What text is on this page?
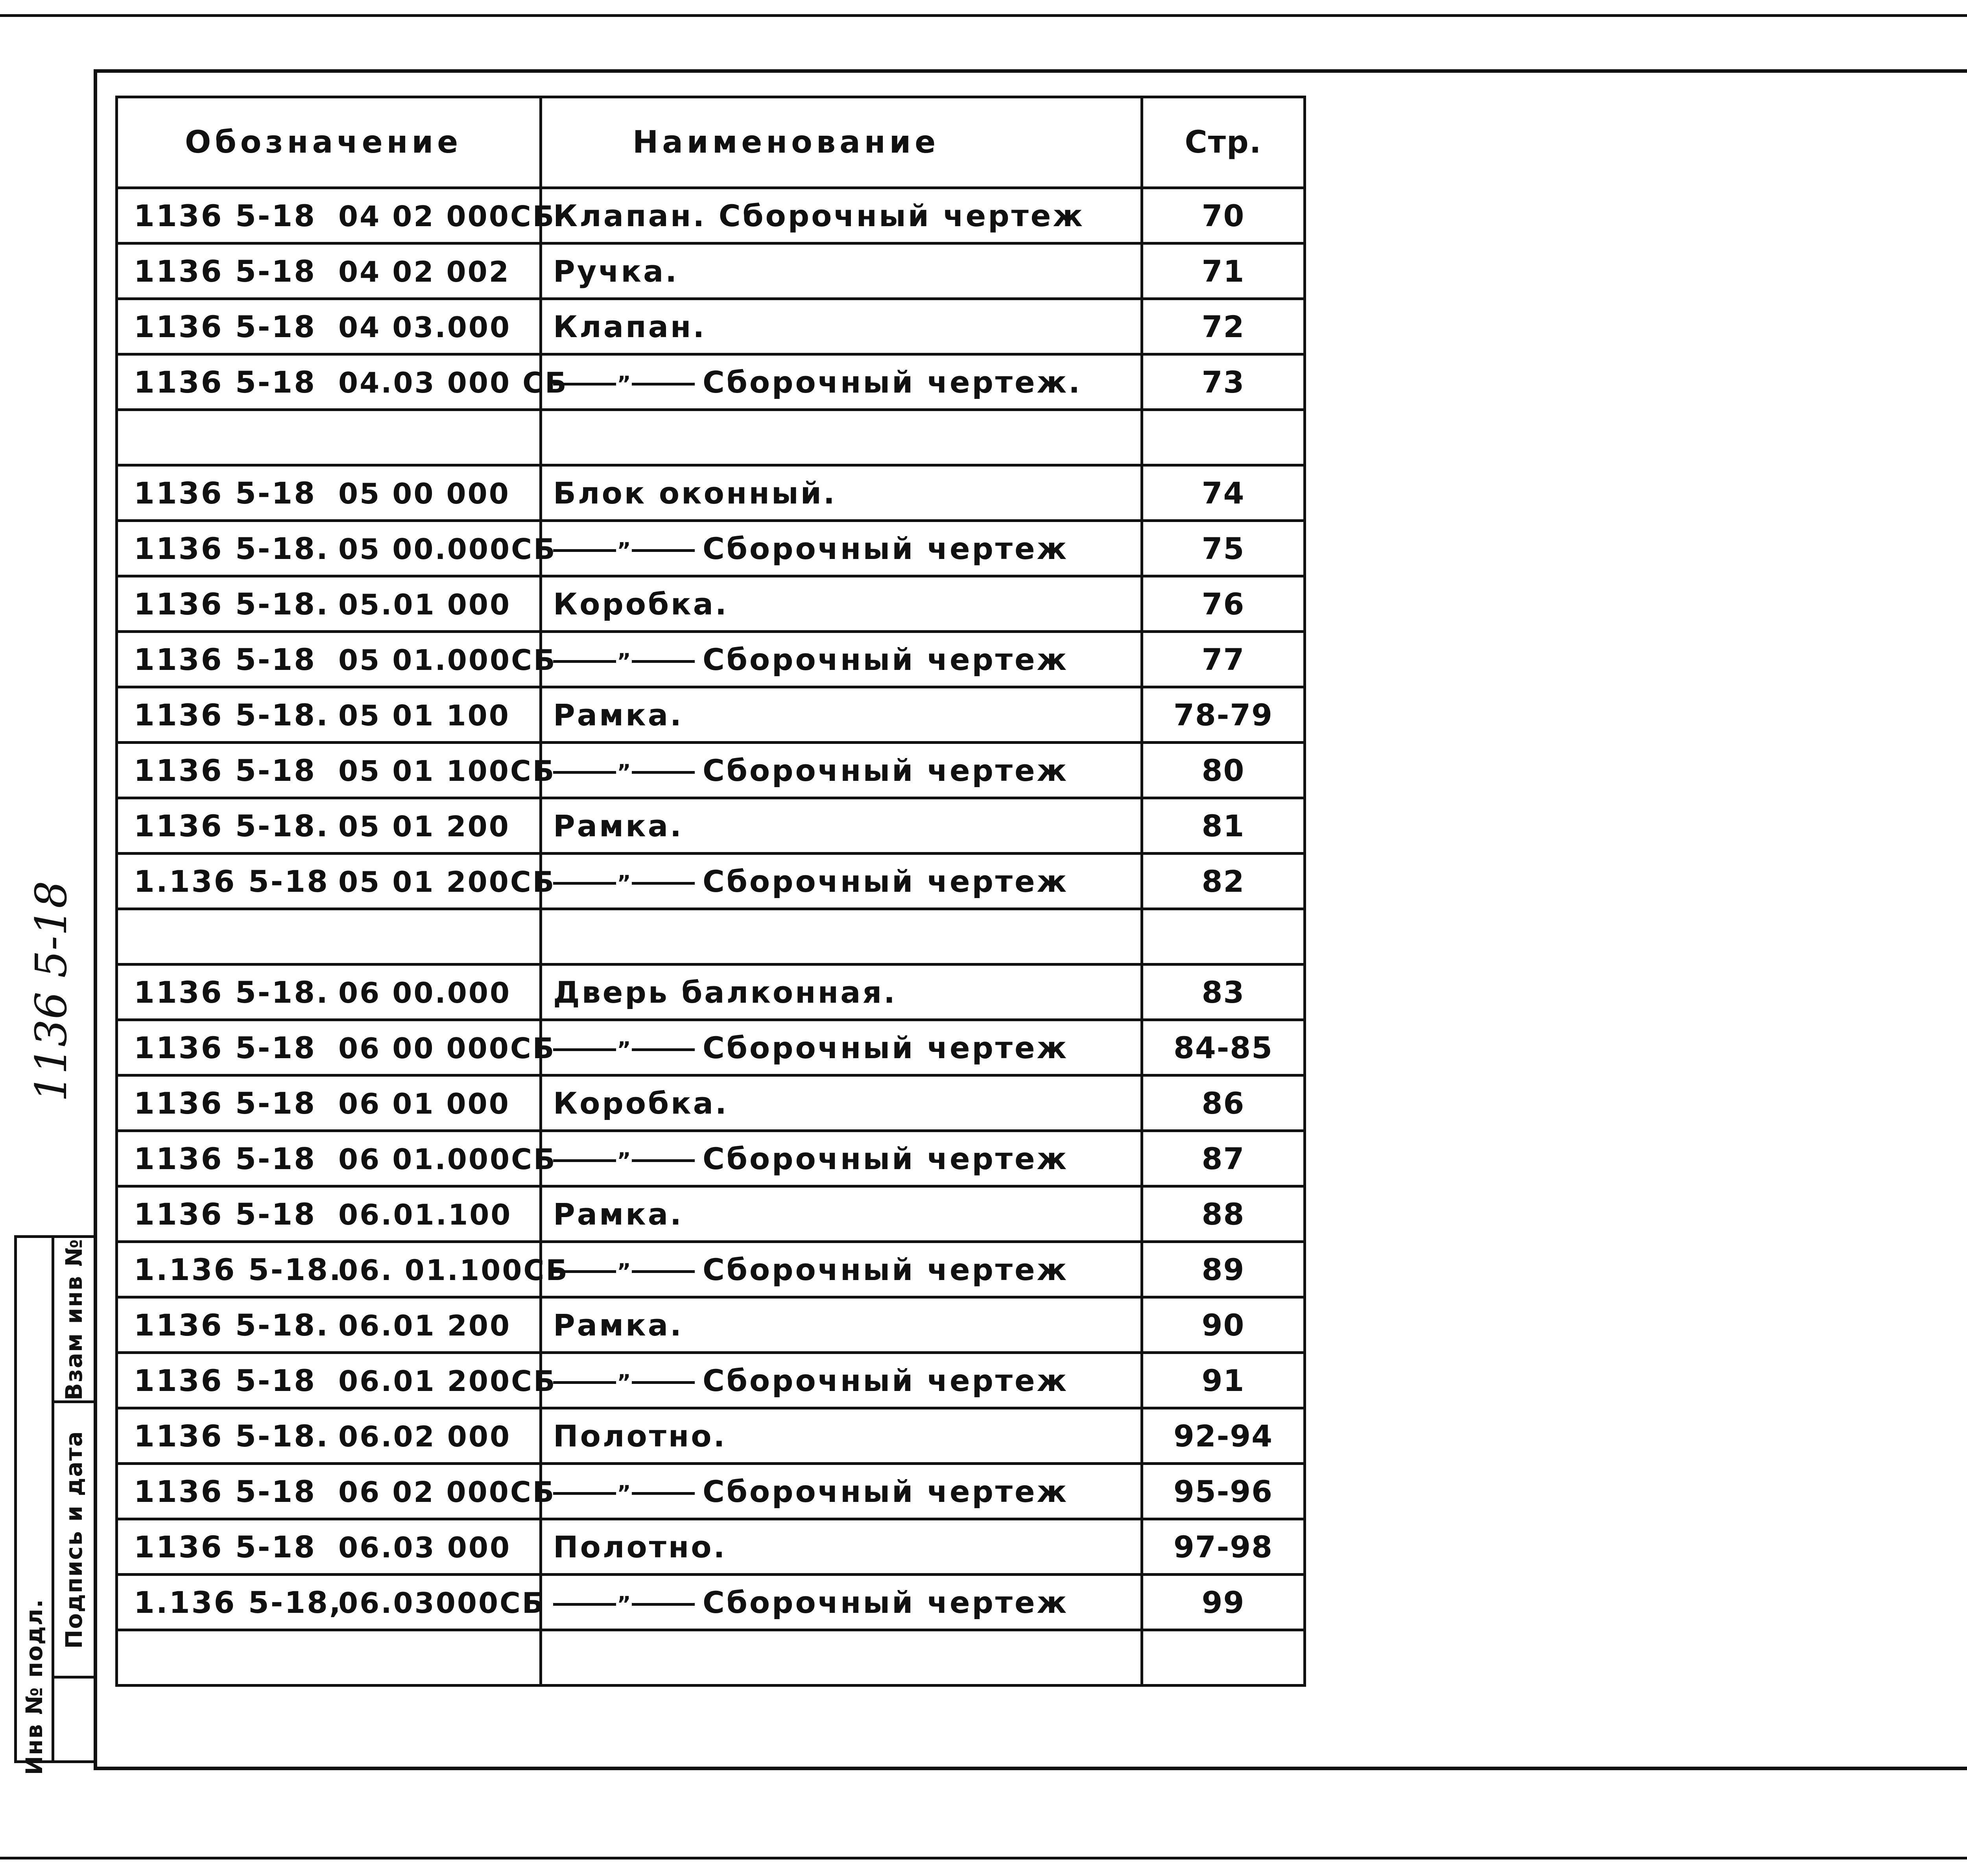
1136 5-18
Инв № подл.
Взам инв №
Подпись и дата
Обозначение	Наименование	Стр.
1136 5-18 04 02 000СБ	Клапан. Сборочный чертеж	70
1136 5-18 04 02 002	Ручка.	71
1136 5-18 04 03.000	Клапан.	72
1136 5-18 04.03 000 СБ	” Сборочный чертеж.	73

1136 5-18 05 00 000	Блок оконный.	74
1136 5-18. 05 00.000СБ	” Сборочный чертеж	75
1136 5-18. 05.01 000	Коробка.	76
1136 5-18 05 01.000СБ	” Сборочный чертеж	77
1136 5-18. 05 01 100	Рамка.	78-79
1136 5-18 05 01 100СБ	” Сборочный чертеж	80
1136 5-18. 05 01 200	Рамка.	81
1.136 5-18 05 01 200СБ	” Сборочный чертеж	82

1136 5-18. 06 00.000	Дверь балконная.	83
1136 5-18 06 00 000СБ	” Сборочный чертеж	84-85
1136 5-18 06 01 000	Коробка.	86
1136 5-18 06 01.000СБ	” Сборочный чертеж	87
1136 5-18 06.01.100	Рамка.	88
1.136 5-18.06. 01.100СБ	” Сборочный чертеж	89
1136 5-18. 06.01 200	Рамка.	90
1136 5-18 06.01 200СБ	” Сборочный чертеж	91
1136 5-18. 06.02 000	Полотно.	92-94
1136 5-18 06 02 000СБ	” Сборочный чертеж	95-96
1136 5-18 06.03 000	Полотно.	97-98
1.136 5-18,06.03000СБ	” Сборочный чертеж	99
